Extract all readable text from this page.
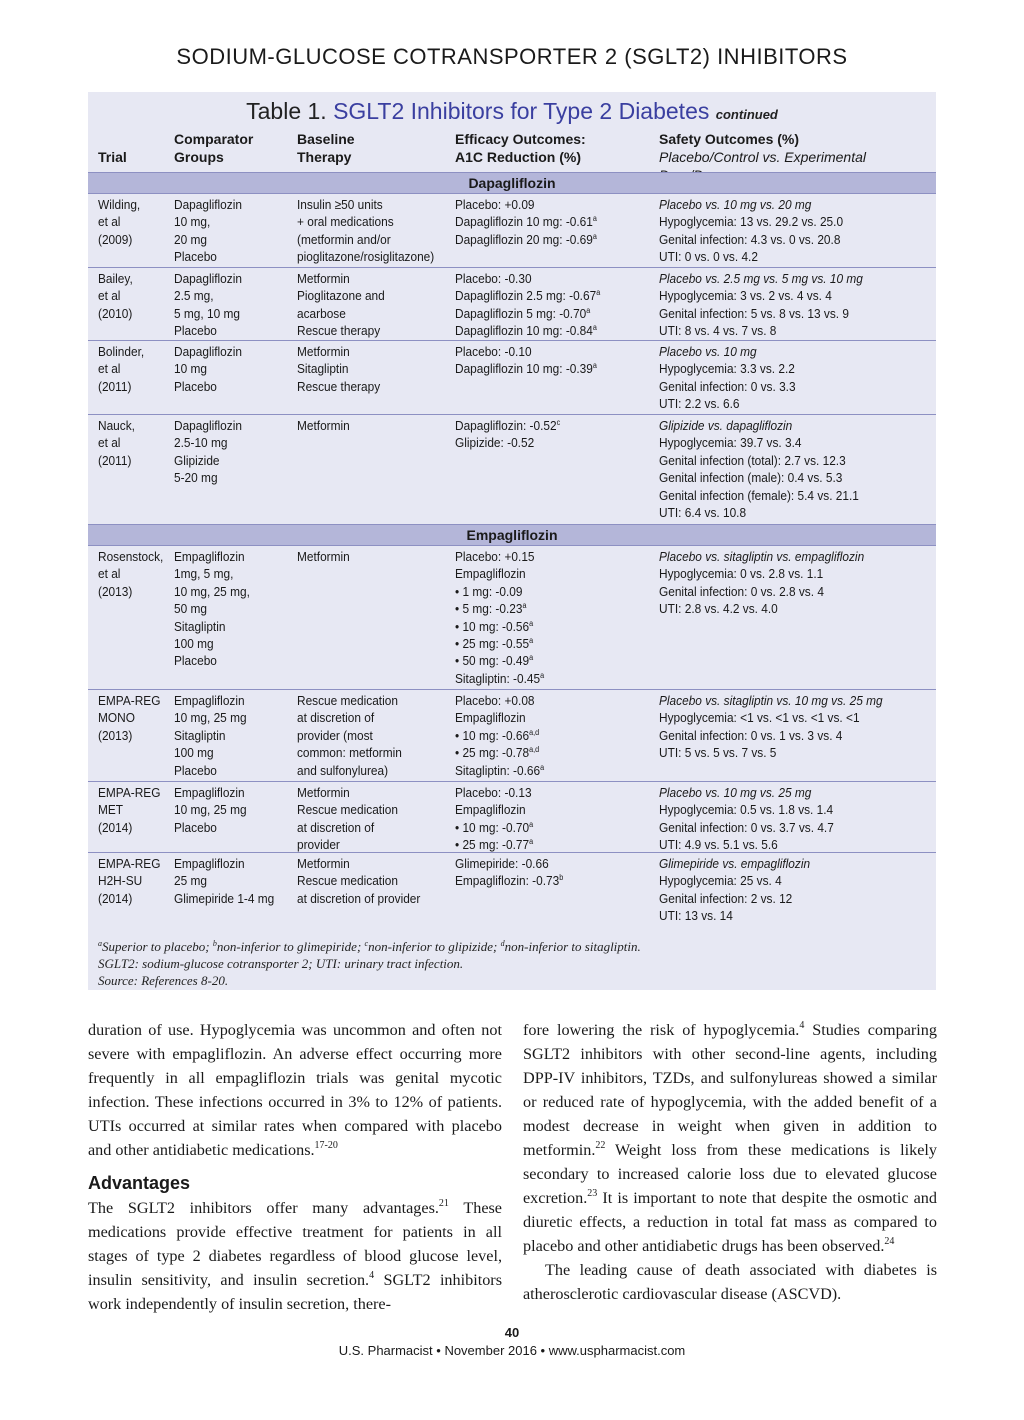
SODIUM-GLUCOSE COTRANSPORTER 2 (SGLT2) INHIBITORS
Table 1. SGLT2 Inhibitors for Type 2 Diabetes continued
Trial
Comparator
Groups
Baseline
Therapy
Efficacy Outcomes:
A1C Reduction (%)
Safety Outcomes (%)
Placebo/Control vs. Experimental
Dapagliflozin
Wilding,
et al
(2009)
Dapagliflozin
10 mg,
20 mg
Placebo
Insulin ≥50 units
+ oral medications
(metformin and/or
pioglitazone/rosiglitazone)
Placebo: +0.09
Dapagliflozin 10 mg: -0.61$^a$
Dapagliflozin 20 mg: -0.69$^a$
Placebo vs. 10 mg vs. 20 mg
Hypoglycemia: 13 vs. 29.2 vs. 25.0
Genital infection: 4.3 vs. 0 vs. 20.8
UTI: 0 vs. 0 vs. 4.2
Bailey,
et al
(2010)
Dapagliflozin
2.5 mg,
5 mg, 10 mg
Placebo
Metformin
Pioglitazone and
acarbose
Rescue therapy
Placebo: -0.30
Dapagliflozin 2.5 mg: -0.67$^a$
Dapagliflozin 5 mg: -0.70$^a$
Dapagliflozin 10 mg: -0.84$^a$
Placebo vs. 2.5 mg vs. 5 mg vs. 10 mg
Hypoglycemia: 3 vs. 2 vs. 4 vs. 4
Genital infection: 5 vs. 8 vs. 13 vs. 9
UTI: 8 vs. 4 vs. 7 vs. 8
Bolinder,
et al
(2011)
Dapagliflozin
10 mg
Placebo
Metformin
Sitagliptin
Rescue therapy
Placebo: -0.10
Dapagliflozin 10 mg: -0.39$^a$
Placebo vs. 10 mg
Hypoglycemia: 3.3 vs. 2.2
Genital infection: 0 vs. 3.3
UTI: 2.2 vs. 6.6
Nauck,
et al
(2011)
Dapagliflozin
2.5-10 mg
Glipizide
5-20 mg
Metformin	Dapagliflozin: -0.52$^c$
Glipizide: -0.52
Glipizide vs. dapagliflozin
Hypoglycemia: 39.7 vs. 3.4
Genital infection (total): 2.7 vs. 12.3
Genital infection (male): 0.4 vs. 5.3
Genital infection (female): 5.4 vs. 21.1
UTI: 6.4 vs. 10.8
Empagliflozin
Rosenstock,
et al
(2013)
Empagliflozin
1mg, 5 mg,
10 mg, 25 mg,
50 mg
Sitagliptin
100 mg
Placebo
Metformin	Placebo: +0.15
Empagliflozin
• 1 mg: -0.09
• 5 mg: -0.23$^a$
• 10 mg: -0.56$^a$
• 25 mg: -0.55$^a$
• 50 mg: -0.49$^a$
Sitagliptin: -0.45$^a$
Placebo vs. sitagliptin vs. empagliflozin
Hypoglycemia: 0 vs. 2.8 vs. 1.1
Genital infection: 0 vs. 2.8 vs. 4
UTI: 2.8 vs. 4.2 vs. 4.0
EMPA-REG
MONO
(2013)
Empagliflozin
10 mg, 25 mg
Sitagliptin
100 mg
Placebo
Rescue medication
at discretion of
provider (most
common: metformin
and sulfonylurea)
Placebo: +0.08
Empagliflozin
• 10 mg: -0.66$^{a,d}$
• 25 mg: -0.78$^{a,d}$
Sitagliptin: -0.66$^a$
Placebo vs. sitagliptin vs. 10 mg vs. 25 mg
Hypoglycemia: <1 vs. <1 vs. <1 vs. <1
Genital infection: 0 vs. 1 vs. 3 vs. 4
UTI: 5 vs. 5 vs. 7 vs. 5
EMPA-REG
MET
(2014)
Empagliflozin
10 mg, 25 mg
Placebo
Metformin
Rescue medication
at discretion of
provider
Placebo: -0.13
Empagliflozin
• 10 mg: -0.70$^a$
• 25 mg: -0.77$^a$
Placebo vs. 10 mg vs. 25 mg
Hypoglycemia: 0.5 vs. 1.8 vs. 1.4
Genital infection: 0 vs. 3.7 vs. 4.7
UTI: 4.9 vs. 5.1 vs. 5.6
EMPA-REG
H2H-SU
(2014)
Empagliflozin
25 mg
Glimepiride 1-4 mg
Metformin
Rescue medication
at discretion of provider
Glimepiride: -0.66
Empagliflozin: -0.73$^b$
Glimepiride vs. empagliflozin
Hypoglycemia: 25 vs. 4
Genital infection: 2 vs. 12
UTI: 13 vs. 14
$^a$Superior to placebo; $^b$non-inferior to glimepiride; $^c$non-inferior to glipizide; $^d$non-inferior to sitagliptin.
SGLT2: sodium-glucose cotransporter 2; UTI: urinary tract infection.
Source: References 8-20.

duration of use. Hypoglycemia was uncommon and often not severe with empagliflozin. An adverse effect occurring more frequently in all empagliflozin trials was genital mycotic infection. These infections occurred in 3% to 12% of patients. UTIs occurred at similar rates when compared with placebo and other antidiabetic medications.$^{17-20}$

Advantages

The SGLT2 inhibitors offer many advantages.$^{21}$ These medications provide effective treatment for patients in all stages of type 2 diabetes regardless of blood glucose level, insulin sensitivity, and insulin secretion.$^4$ SGLT2 inhibitors work independently of insulin secretion, there-

fore lowering the risk of hypoglycemia.$^4$ Studies comparing SGLT2 inhibitors with other second-line agents, including DPP-IV inhibitors, TZDs, and sulfonylureas showed a similar or reduced rate of hypoglycemia, with the added benefit of a modest decrease in weight when given in addition to metformin.$^{22}$ Weight loss from these medications is likely secondary to increased calorie loss due to elevated glucose excretion.$^{23}$ It is important to note that despite the osmotic and diuretic effects, a reduction in total fat mass as compared to placebo and other antidiabetic drugs has been observed.$^{24}$

The leading cause of death associated with diabetes is atherosclerotic cardiovascular disease (ASCVD).

40
U.S. Pharmacist • November 2016 • www.uspharmacist.com
